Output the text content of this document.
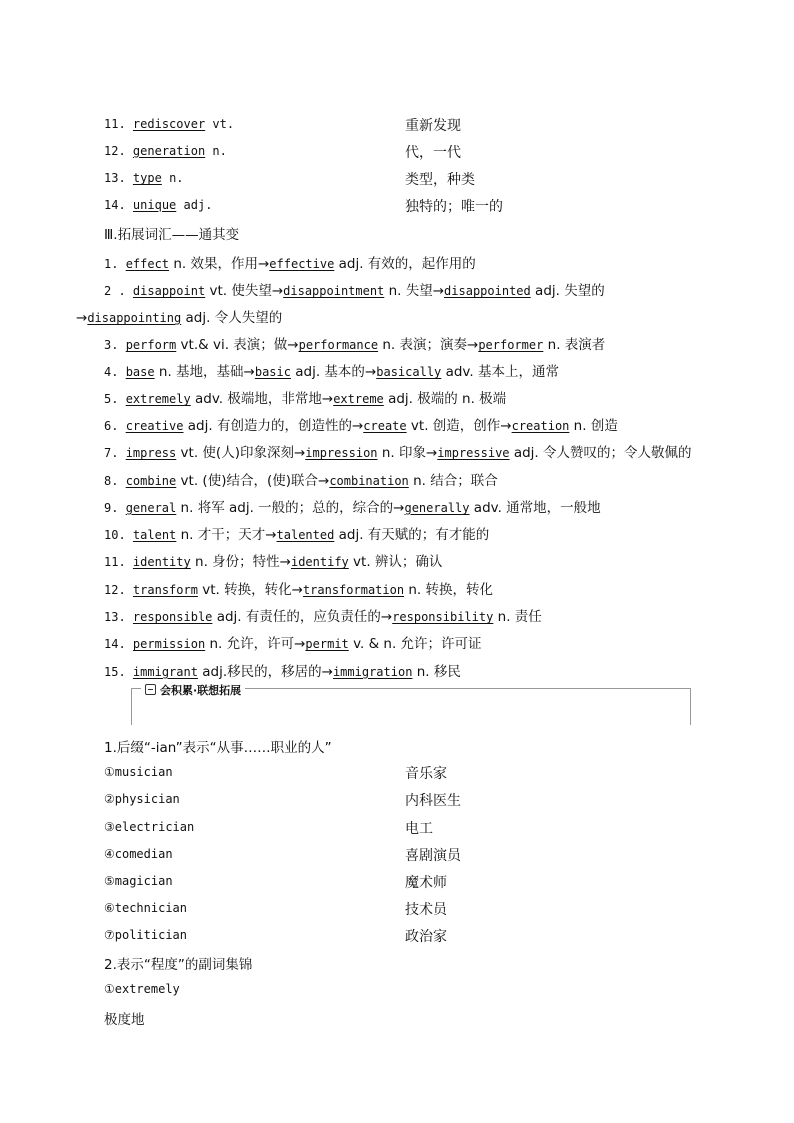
11. rediscover vt.	重新发现
12. generation n.	代，一代
13. type n.	类型，种类
14. unique adj.	独特的；唯一的
Ⅲ.拓展词汇——通其变
1. effect n. 效果，作用→effective adj. 有效的，起作用的
2 . disappoint vt. 使失望→disappointment n. 失望→disappointed adj. 失望的
→disappointing adj. 令人失望的
3. perform vt.& vi. 表演；做→performance n. 表演；演奏→performer n. 表演者
4. base n. 基地，基础→basic adj. 基本的→basically adv. 基本上，通常
5. extremely adv. 极端地，非常地→extreme adj. 极端的 n. 极端
6. creative adj. 有创造力的，创造性的→create vt. 创造，创作→creation n. 创造
7. impress vt. 使(人)印象深刻→impression n. 印象→impressive adj. 令人赞叹的；令人敬佩的
8. combine vt. (使)结合，(使)联合→combination n. 结合；联合
9. general n. 将军 adj. 一般的；总的，综合的→generally adv. 通常地，一般地
10. talent n. 才干；天才→talented adj. 有天赋的；有才能的
11. identity n. 身份；特性→identify vt. 辨认；确认
12. transform vt. 转换，转化→transformation n. 转换，转化
13. responsible adj. 有责任的，应负责任的→responsibility n. 责任
14. permission n. 允许，许可→permit v. & n. 允许；许可证
15. immigrant adj.移民的，移居的→immigration n. 移民
会积累·联想拓展
1.后缀“-ian”表示“从事……职业的人”
①musician	音乐家
②physician	内科医生
③electrician	电工
④comedian	喜剧演员
⑤magician	魔术师
⑥technician	技术员
⑦politician	政治家
2.表示“程度”的副词集锦
①extremely
极度地
